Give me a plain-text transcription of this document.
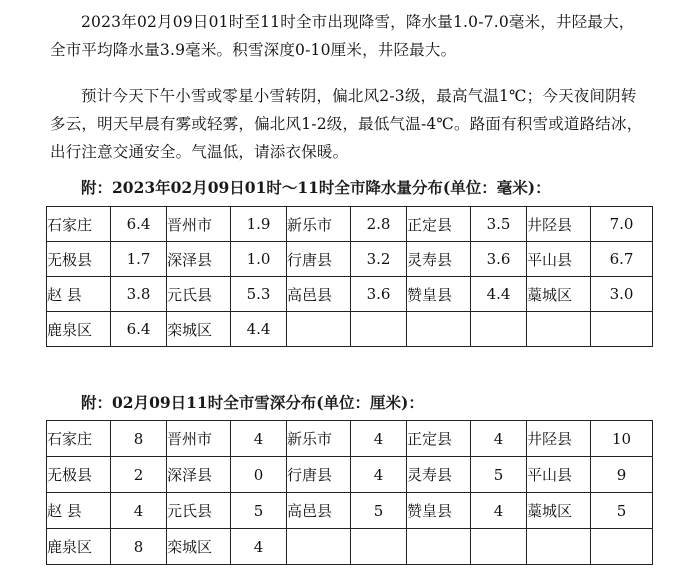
2023年02月09日01时至11时全市出现降雪，降水量1.0-7.0毫米，井陉最大，全市平均降水量3.9毫米。积雪深度0-10厘米，井陉最大。

预计今天下午小雪或零星小雪转阴，偏北风2-3级，最高气温1℃；今天夜间阴转多云，明天早晨有雾或轻雾，偏北风1-2级，最低气温-4℃。路面有积雪或道路结冰，出行注意交通安全。气温低，请添衣保暖。

附：2023年02月09日01时～11时全市降水量分布(单位：毫米)：

石家庄	6.4	晋州市	1.9	新乐市	2.8	正定县	3.5	井陉县	7.0
无极县	1.7	深泽县	1.0	行唐县	3.2	灵寿县	3.6	平山县	6.7
赵 县	3.8	元氏县	5.3	高邑县	3.6	赞皇县	4.4	藁城区	3.0
鹿泉区	6.4	栾城区	4.4						

附：02月09日11时全市雪深分布(单位：厘米)：

石家庄	8	晋州市	4	新乐市	4	正定县	4	井陉县	10
无极县	2	深泽县	0	行唐县	4	灵寿县	5	平山县	9
赵 县	4	元氏县	5	高邑县	5	赞皇县	4	藁城区	5
鹿泉区	8	栾城区	4						
